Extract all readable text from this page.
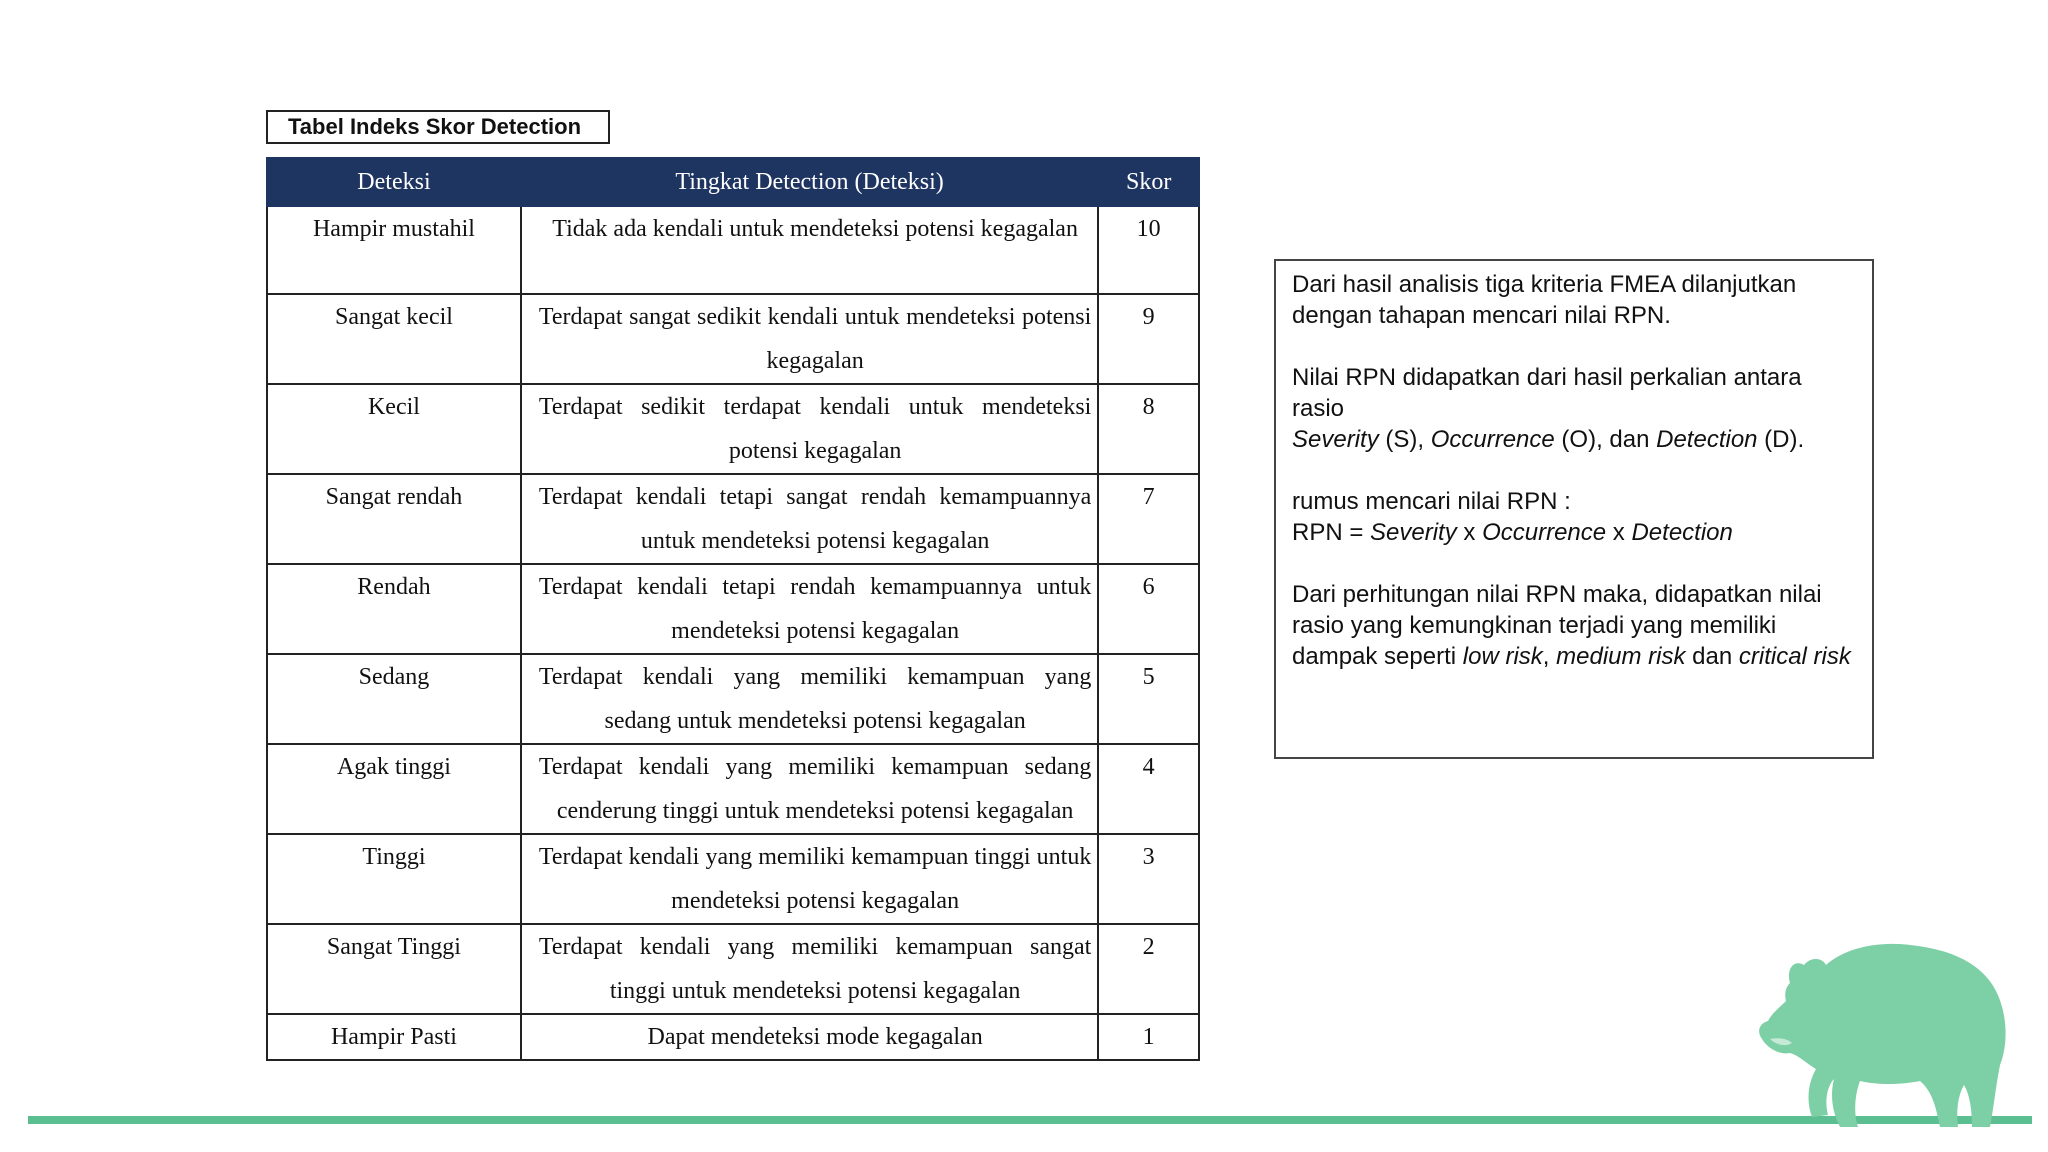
Tabel Indeks Skor Detection
Deteksi	Tingkat Detection (Deteksi)	Skor
Hampir mustahil	Tidak ada kendali untuk mendeteksi potensi kegagalan	10
Sangat kecil	Terdapat sangat sedikit kendali untuk mendeteksi potensi kegagalan	9
Kecil	Terdapat sedikit terdapat kendali untuk mendeteksi potensi kegagalan	8
Sangat rendah	Terdapat kendali tetapi sangat rendah kemampuannya untuk mendeteksi potensi kegagalan	7
Rendah	Terdapat kendali tetapi rendah kemampuannya untuk mendeteksi potensi kegagalan	6
Sedang	Terdapat kendali yang memiliki kemampuan yang sedang untuk mendeteksi potensi kegagalan	5
Agak tinggi	Terdapat kendali yang memiliki kemampuan sedang cenderung tinggi untuk mendeteksi potensi kegagalan	4
Tinggi	Terdapat kendali yang memiliki kemampuan tinggi untuk mendeteksi potensi kegagalan	3
Sangat Tinggi	Terdapat kendali yang memiliki kemampuan sangat tinggi untuk mendeteksi potensi kegagalan	2
Hampir Pasti	Dapat mendeteksi mode kegagalan	1

Dari hasil analisis tiga kriteria FMEA dilanjutkan dengan tahapan mencari nilai RPN.

Nilai RPN didapatkan dari hasil perkalian antara rasio
Severity (S), Occurrence (O), dan Detection (D).

rumus mencari nilai RPN :
RPN = Severity x Occurrence x Detection

Dari perhitungan nilai RPN maka, didapatkan nilai rasio yang kemungkinan terjadi yang memiliki dampak seperti low risk, medium risk dan critical risk
